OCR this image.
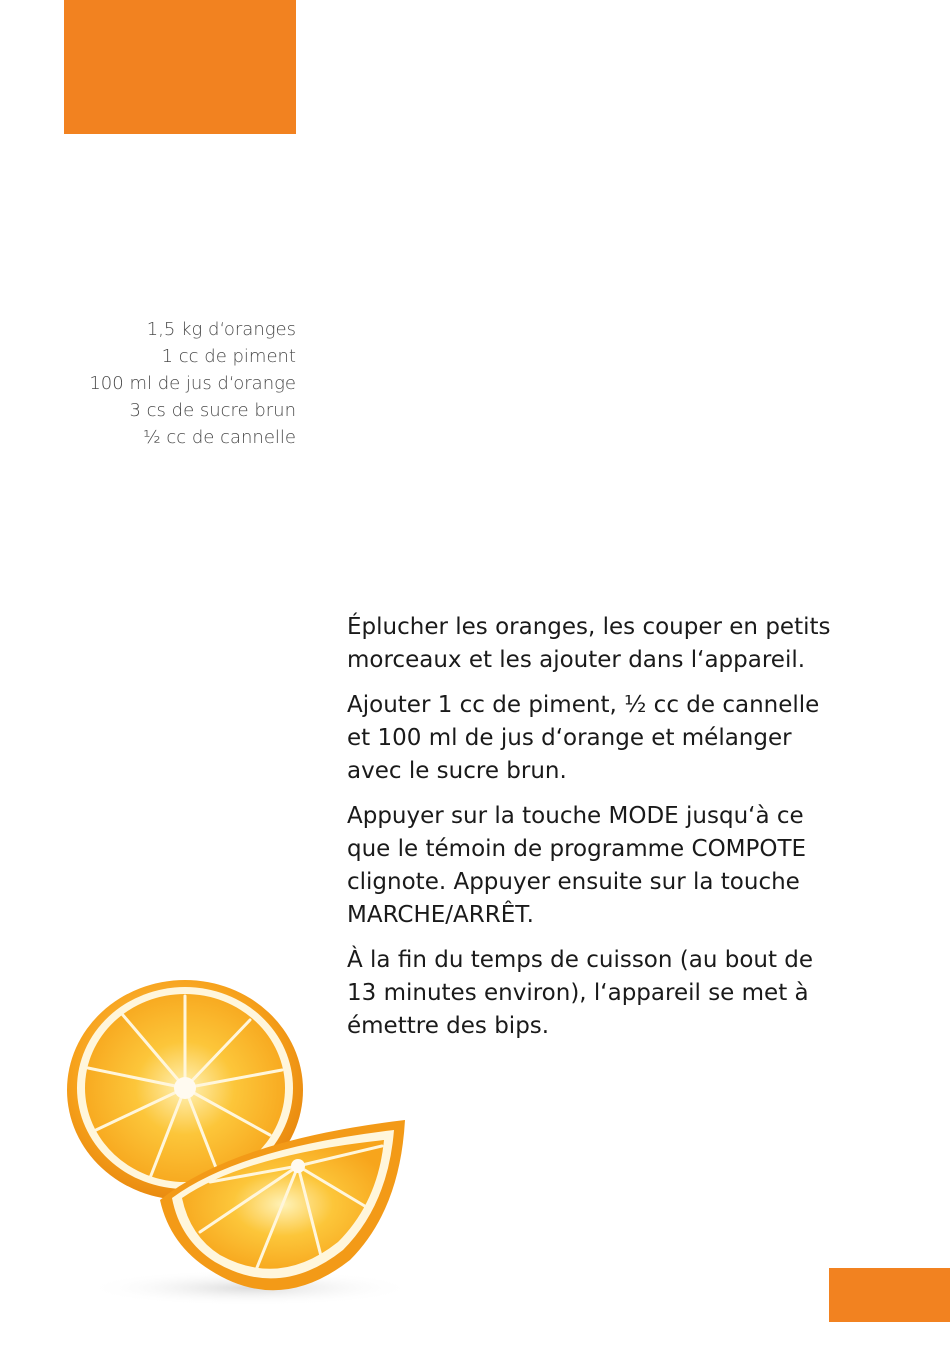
1,5 kg d‘oranges
1 cc de piment
100 ml de jus d‘orange
3 cs de sucre brun
½ cc de cannelle

Éplucher les oranges, les couper en petits morceaux et les ajouter dans l‘appareil.

Ajouter 1 cc de piment, ½ cc de cannelle et 100 ml de jus d‘orange et mélanger avec le sucre brun.

Appuyer sur la touche MODE jusqu‘à ce que le témoin de programme COMPOTE clignote. Appuyer ensuite sur la touche MARCHE/ARRÊT.

À la fin du temps de cuisson (au bout de 13 minutes environ), l‘appareil se met à émettre des bips.
